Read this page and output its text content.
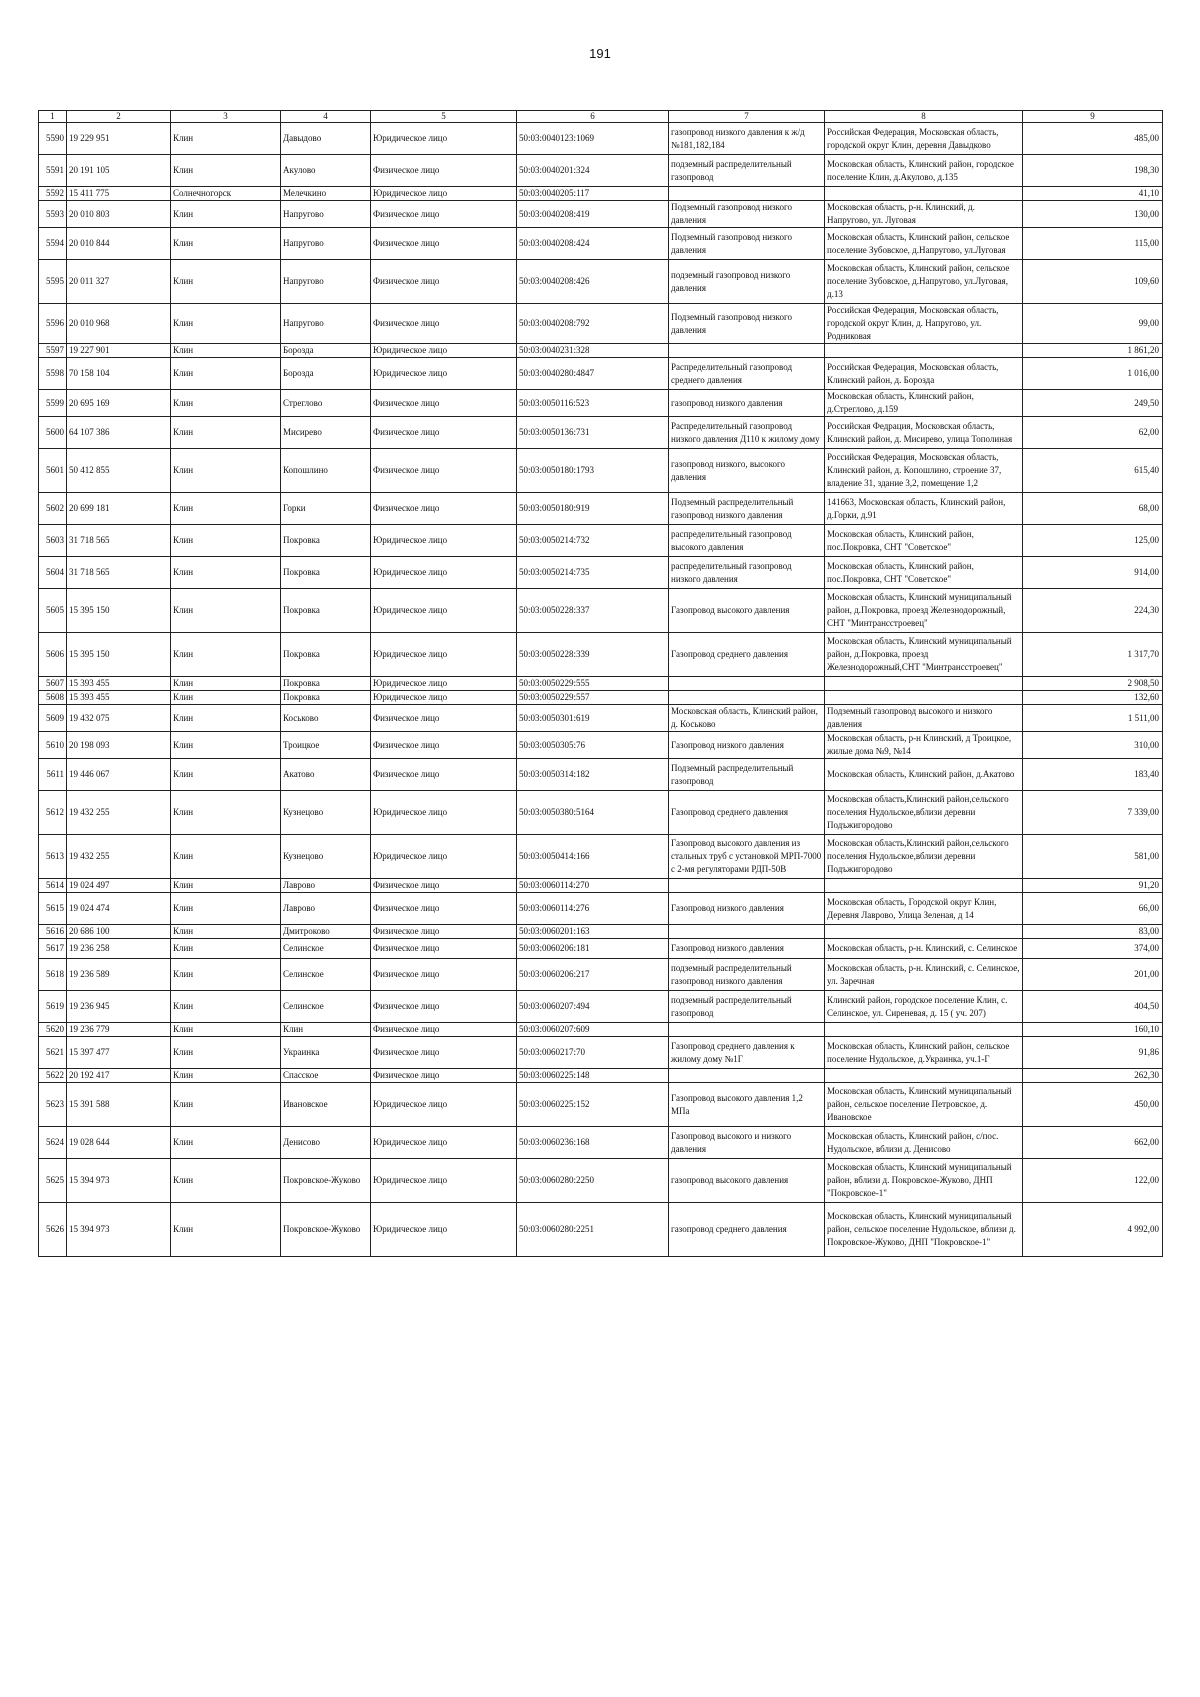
191
1	2	3	4	5	6	7	8	9
5590	19 229 951	Клин	Давыдово	Юридическое лицо	50:03:0040123:1069	газопровод низкого давления к ж/д №181,182,184	Российская Федерация, Московская область, городской округ Клин, деревня Давыдково	485,00
5591	20 191 105	Клин	Акулово	Физическое лицо	50:03:0040201:324	подземный распределительный газопровод	Московская область, Клинский район, городское поселение Клин, д.Акулово, д.135	198,30
5592	15 411 775	Солнечногорск	Мелечкино	Юридическое лицо	50:03:0040205:117			41,10
5593	20 010 803	Клин	Напругово	Физическое лицо	50:03:0040208:419	Подземный газопровод низкого давления	Московская область, р-н. Клинский, д. Напругово, ул. Луговая	130,00
5594	20 010 844	Клин	Напругово	Физическое лицо	50:03:0040208:424	Подземный газопровод низкого давления	Московская область, Клинский район, сельское поселение Зубовское, д.Напругово, ул.Луговая	115,00
5595	20 011 327	Клин	Напругово	Физическое лицо	50:03:0040208:426	подземный газопровод низкого давления	Московская область, Клинский район, сельское поселение Зубовское, д.Напругово, ул.Луговая, д.13	109,60
5596	20 010 968	Клин	Напругово	Физическое лицо	50:03:0040208:792	Подземный газопровод низкого давления	Российская Федерация, Московская область, городской округ Клин, д. Напругово, ул. Родниковая	99,00
5597	19 227 901	Клин	Борозда	Юридическое лицо	50:03:0040231:328			1 861,20
5598	70 158 104	Клин	Борозда	Юридическое лицо	50:03:0040280:4847	Распределительный газопровод среднего давления	Российская Федерация, Московская область, Клинский район, д. Борозда	1 016,00
5599	20 695 169	Клин	Стреглово	Физическое лицо	50:03:0050116:523	газопровод низкого давления	Московская область, Клинский район, д.Стреглово, д.159	249,50
5600	64 107 386	Клин	Мисирево	Физическое лицо	50:03:0050136:731	Распределительный газопровод низкого давления Д110 к жилому дому	Российская Федрация, Московская область, Клинский район, д. Мисирево, улица Тополиная	62,00
5601	50 412 855	Клин	Копошлино	Физическое лицо	50:03:0050180:1793	газопровод низкого, высокого давления	Российская Федерация, Московская область, Клинский район, д. Копошлино, строение 37, владение 31, здание 3,2, помещение 1,2	615,40
5602	20 699 181	Клин	Горки	Физическое лицо	50:03:0050180:919	Подземный распределительный газопровод низкого давления	141663, Московская область, Клинский район, д.Горки, д.91	68,00
5603	31 718 565	Клин	Покровка	Юридическое лицо	50:03:0050214:732	распределительный газопровод высокого давления	Московская область, Клинский район, пос.Покровка, СНТ "Советское"	125,00
5604	31 718 565	Клин	Покровка	Юридическое лицо	50:03:0050214:735	распределительный газопровод низкого давления	Московская область, Клинский район, пос.Покровка, СНТ "Советское"	914,00
5605	15 395 150	Клин	Покровка	Юридическое лицо	50:03:0050228:337	Газопровод высокого давления	Московская область, Клинский муниципальный район, д.Покровка, проезд Железнодорожный, СНТ "Минтрансстроевец"	224,30
5606	15 395 150	Клин	Покровка	Юридическое лицо	50:03:0050228:339	Газопровод среднего давления	Московская область, Клинский муниципальный район, д.Покровка, проезд Железнодорожный,СНТ "Минтрансстроевец"	1 317,70
5607	15 393 455	Клин	Покровка	Юридическое лицо	50:03:0050229:555			2 908,50
5608	15 393 455	Клин	Покровка	Юридическое лицо	50:03:0050229:557			132,60
5609	19 432 075	Клин	Коськово	Физическое лицо	50:03:0050301:619	Московская область, Клинский район, д. Коськово	Подземный газопровод высокого и низкого давления	1 511,00
5610	20 198 093	Клин	Троицкое	Физическое лицо	50:03:0050305:76	Газопровод низкого давления	Московская область, р-н Клинский, д Троицкое, жилые дома №9, №14	310,00
5611	19 446 067	Клин	Акатово	Физическое лицо	50:03:0050314:182	Подземный распределительный газопровод	Московская область, Клинский район, д.Акатово	183,40
5612	19 432 255	Клин	Кузнецово	Юридическое лицо	50:03:0050380:5164	Газопровод среднего давления	Московская область,Клинский район,сельского поселения Нудольское,вблизи деревни Подъжигородово	7 339,00
5613	19 432 255	Клин	Кузнецово	Юридическое лицо	50:03:0050414:166	Газопровод высокого давления из стальных труб с установкой МРП-7000 с 2-мя регуляторами РДП-50В	Московская область,Клинский район,сельского поселения Нудольское,вблизи деревни Подъжигородово	581,00
5614	19 024 497	Клин	Лаврово	Физическое лицо	50:03:0060114:270			91,20
5615	19 024 474	Клин	Лаврово	Физическое лицо	50:03:0060114:276	Газопровод низкого давления	Московская область, Городской округ Клин, Деревня Лаврово, Улица Зеленая, д 14	66,00
5616	20 686 100	Клин	Дмитроково	Физическое лицо	50:03:0060201:163			83,00
5617	19 236 258	Клин	Селинское	Физическое лицо	50:03:0060206:181	Газопровод низкого давления	Московская область, р-н. Клинский, с. Селинское	374,00
5618	19 236 589	Клин	Селинское	Физическое лицо	50:03:0060206:217	подземный распределительный газопровод низкого давления	Московская область, р-н. Клинский, с. Селинское, ул. Заречная	201,00
5619	19 236 945	Клин	Селинское	Физическое лицо	50:03:0060207:494	подземный распределительный газопровод	Клинский район, городское поселение Клин, с. Селинское, ул. Сиреневая, д. 15 ( уч. 207)	404,50
5620	19 236 779	Клин	Клин	Физическое лицо	50:03:0060207:609			160,10
5621	15 397 477	Клин	Украинка	Физическое лицо	50:03:0060217:70	Газопровод среднего давления к жилому дому №1Г	Московская область, Клинский район, сельское поселение Нудольское, д.Украинка, уч.1-Г	91,86
5622	20 192 417	Клин	Спасское	Физическое лицо	50:03:0060225:148			262,30
5623	15 391 588	Клин	Ивановское	Юридическое лицо	50:03:0060225:152	Газопровод высокого давления 1,2 МПа	Московская область, Клинский муниципальный район, сельское поселение Петровское, д. Ивановское	450,00
5624	19 028 644	Клин	Денисово	Юридическое лицо	50:03:0060236:168	Газопровод высокого и низкого давления	Московская область, Клинский район, с/пос. Нудольское, вблизи д. Денисово	662,00
5625	15 394 973	Клин	Покровское-Жуково	Юридическое лицо	50:03:0060280:2250	газопровод высокого давления	Московская область, Клинский муниципальный район, вблизи д. Покровское-Жуково, ДНП "Покровское-1"	122,00
5626	15 394 973	Клин	Покровское-Жуково	Юридическое лицо	50:03:0060280:2251	газопровод среднего давления	Московская область, Клинский муниципальный район, сельское поселение Нудольское, вблизи д. Покровское-Жуково, ДНП "Покровское-1"	4 992,00
